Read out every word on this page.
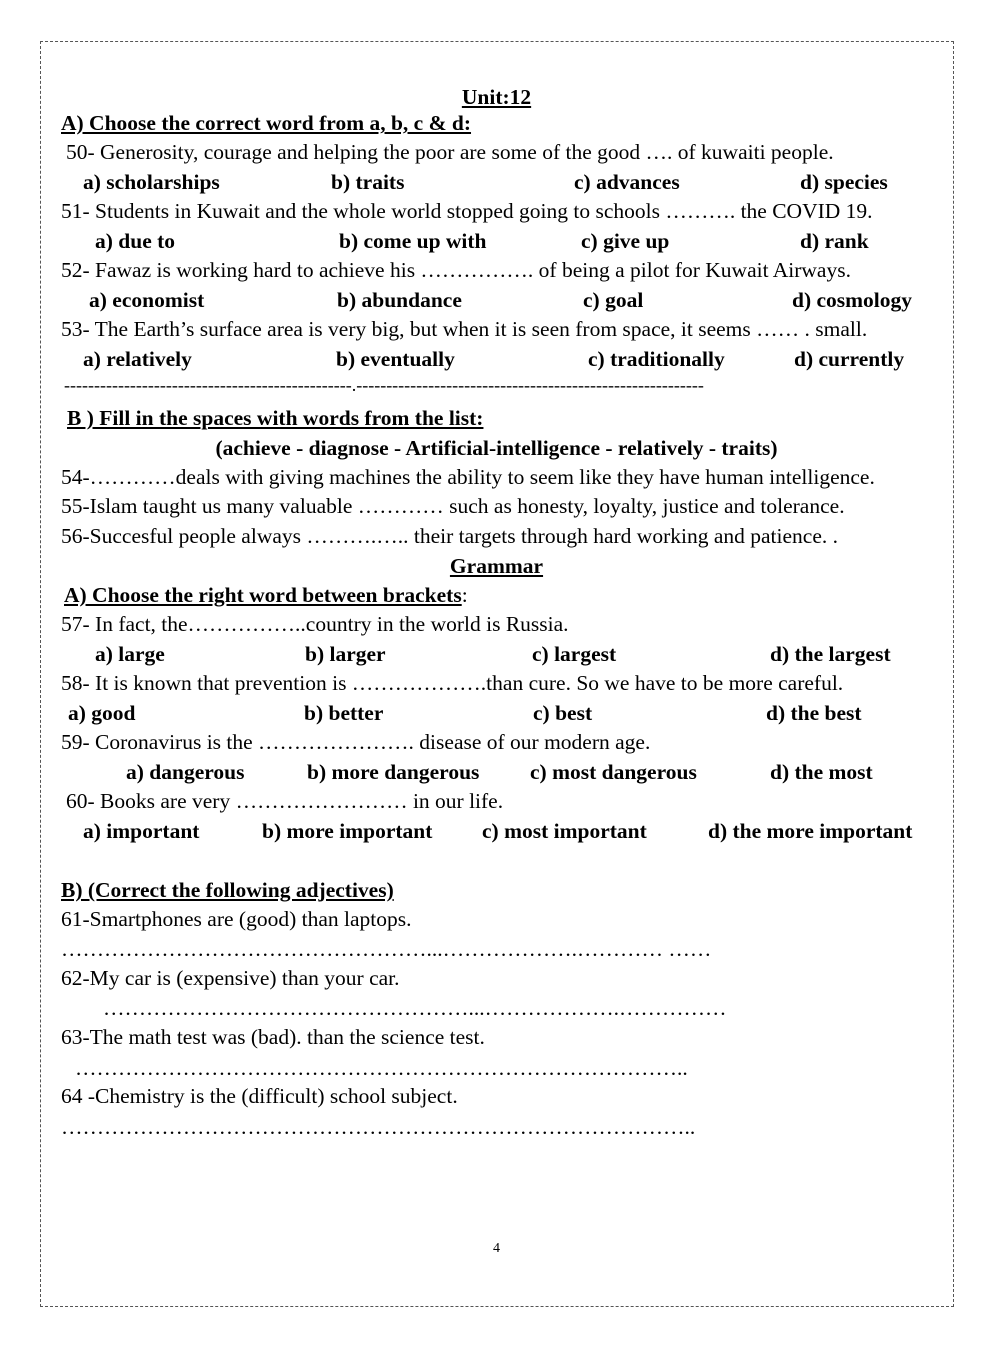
Unit:12
A) Choose the correct word from a, b, c & d:
50- Generosity, courage and helping the poor are some of the good …. of kuwaiti people.
a) scholarships	b) traits	c) advances	d) species
51- Students in Kuwait and the whole world stopped going to schools ………. the COVID 19.
a) due to	b) come up with	c) give up	d) rank
52- Fawaz is working hard to achieve his ……………. of being a pilot for Kuwait Airways.
a) economist	b) abundance	c) goal	d) cosmology
53- The Earth’s surface area is very big, but when it is seen from space, it seems …… . small.
a) relatively	b) eventually	c) traditionally	d) currently
------------------------------------------------.----------------------------------------------------------
B ) Fill in the spaces with words from the list:
(achieve - diagnose - Artificial-intelligence - relatively - traits)
54-…………deals with giving machines the ability to seem like they have human intelligence.
55-Islam taught us many valuable ………… such as honesty, loyalty, justice and tolerance.
56-Succesful people always ……….….. their targets through hard working and patience. .
Grammar
A) Choose the right word between brackets:
57- In fact, the……………..country in the world is Russia.
a) large	b) larger	c) largest	d) the largest
58- It is known that prevention is ……………….than cure. So we have to be more careful.
a) good	b) better	c) best	d) the best
59- Coronavirus is the …………………. disease of our modern age.
a) dangerous	b) more dangerous c) most dangerous	d) the most
60- Books are very …………………… in our life.
a) important	b) more important c) most important	d) the more important
B) (Correct the following adjectives)
61-Smartphones are (good) than laptops.
……………………………………………...……………….………… ……
62-My car is (expensive) than your car.
……………………………………………...……………….……………
63-The math test was (bad). than the science test.
…………………………………………………………………………..
64 -Chemistry is the (difficult) school subject.
……………………………………………………………………………..
4
